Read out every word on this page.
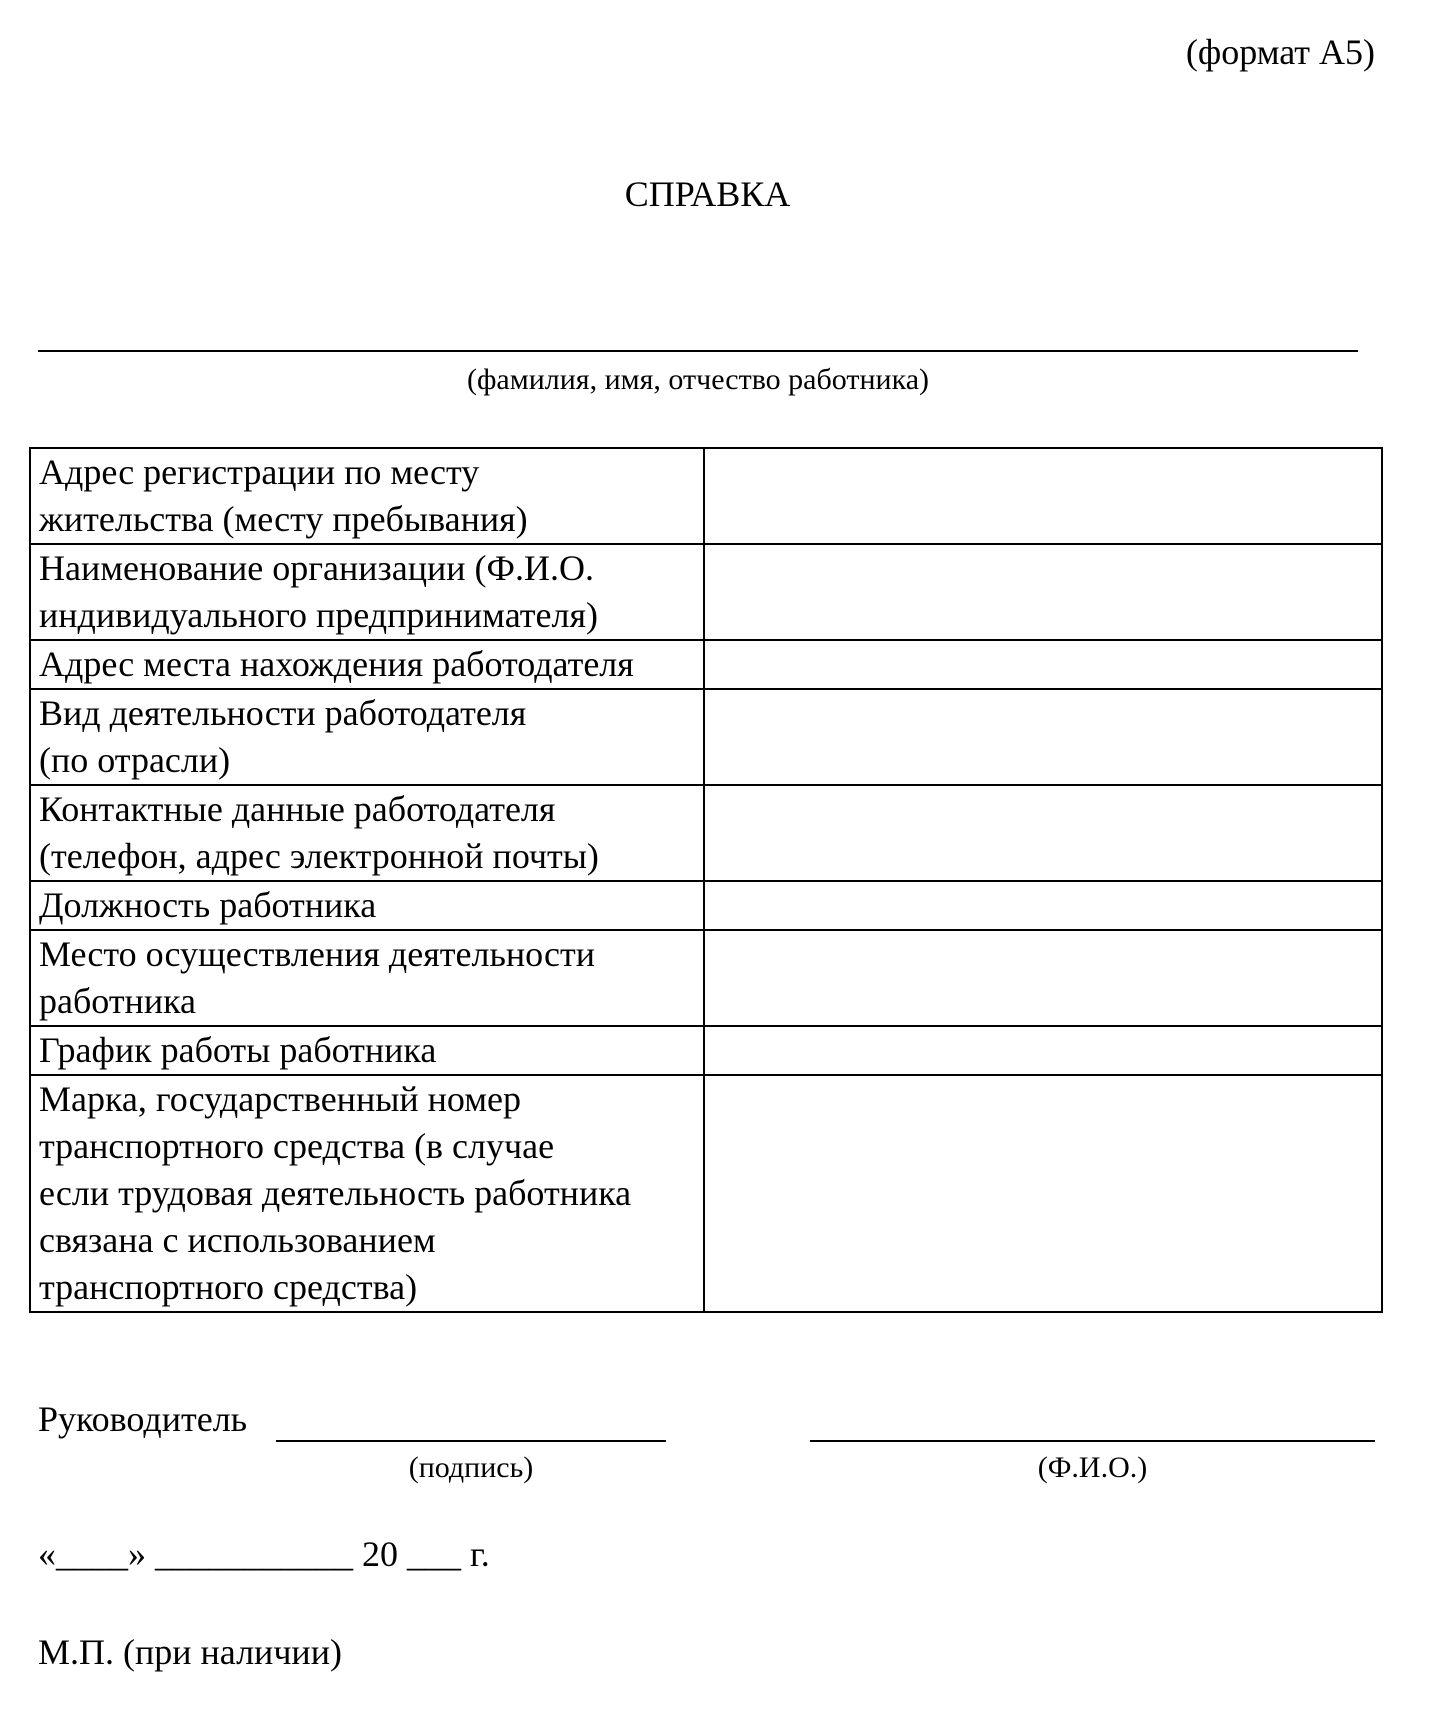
(формат А5)
СПРАВКА
(фамилия, имя, отчество работника)
Адрес регистрации по месту
жительства (месту пребывания)	

Наименование организации (Ф.И.О.
индивидуального предпринимателя)	

Адрес места нахождения работодателя	

Вид деятельности работодателя
(по отрасли)	

Контактные данные работодателя
(телефон, адрес электронной почты)	

Должность работника	

Место осуществления деятельности
работника	

График работы работника	

Марка, государственный номер
транспортного средства (в случае
если трудовая деятельность работника
связана с использованием
транспортного средства)	

Руководитель
(подпись)	(Ф.И.О.)
«____» ___________ 20 ___ г.
М.П. (при наличии)
